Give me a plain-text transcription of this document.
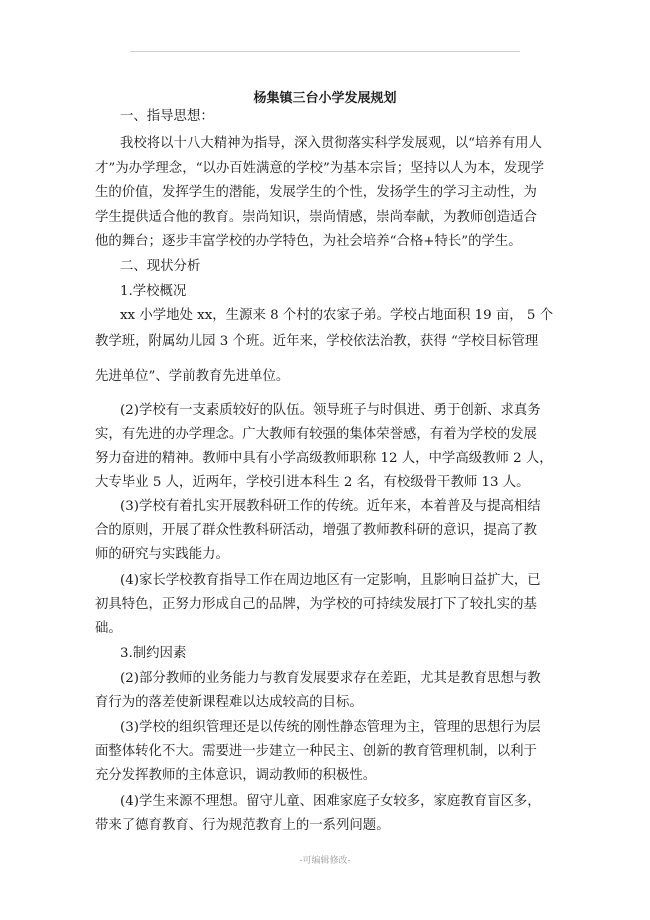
杨集镇三台小学发展规划
一、指导思想：
我校将以十八大精神为指导，深入贯彻落实科学发展观，以“培养有用人
才”为办学理念，“以办百姓满意的学校”为基本宗旨；坚持以人为本，发现学
生的价值，发挥学生的潜能，发展学生的个性，发扬学生的学习主动性，为
学生提供适合他的教育。崇尚知识，崇尚情感，崇尚奉献，为教师创造适合
他的舞台；逐步丰富学校的办学特色，为社会培养“合格+特长”的学生。
二、现状分析
1.学校概况
xx 小学地处 xx，生源来 8 个村的农家子弟。学校占地面积 19 亩， 5 个
教学班，附属幼儿园 3 个班。近年来，学校依法治教，获得 “学校目标管理
先进单位”、学前教育先进单位。
(2)学校有一支素质较好的队伍。领导班子与时俱进、勇于创新、求真务
实，有先进的办学理念。广大教师有较强的集体荣誉感，有着为学校的发展
努力奋进的精神。教师中具有小学高级教师职称 12 人，中学高级教师 2 人，
大专毕业 5 人，近两年，学校引进本科生 2 名，有校级骨干教师 13 人。
(3)学校有着扎实开展教科研工作的传统。近年来，本着普及与提高相结
合的原则，开展了群众性教科研活动，增强了教师教科研的意识，提高了教
师的研究与实践能力。
(4)家长学校教育指导工作在周边地区有一定影响，且影响日益扩大，已
初具特色，正努力形成自己的品牌，为学校的可持续发展打下了较扎实的基
础。
3.制约因素
(2)部分教师的业务能力与教育发展要求存在差距，尤其是教育思想与教
育行为的落差使新课程难以达成较高的目标。
(3)学校的组织管理还是以传统的刚性静态管理为主，管理的思想行为层
面整体转化不大。需要进一步建立一种民主、创新的教育管理机制，以利于
充分发挥教师的主体意识，调动教师的积极性。
(4)学生来源不理想。留守儿童、困难家庭子女较多，家庭教育盲区多，
带来了德育教育、行为规范教育上的一系列问题。
-可编辑修改-
